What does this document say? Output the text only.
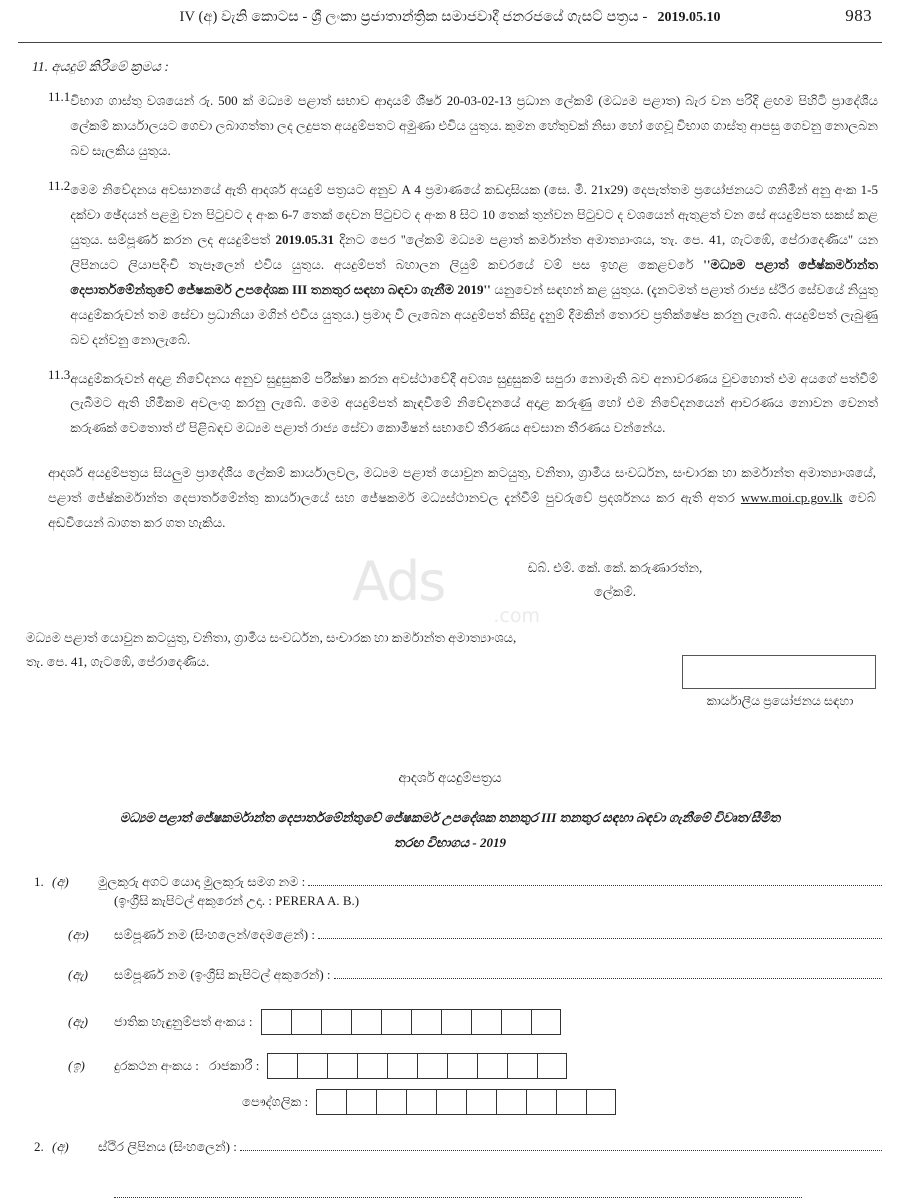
IV (අ) වැනි කොටස - ශ්‍රී ලංකා ප්‍රජාතාන්ත්‍රික සමාජවාදී ජනරජයේ ගැසට් පත්‍රය - 2019.05.10	983
11. අයදුම් කිරීමේ ක්‍රමය :
11.1 විභාග ගාස්තු වශයෙන් රු. 500 ක් මධ්‍යම පළාත් සභාව ආදායම් ශීර්ෂ 20-03-02-13 ප්‍රධාන ලේකම් (මධ්‍යම පළාත) බැර වන පරිදි ළඟම පිහිටි ප්‍රාදේශීය ලේකම් කාර්යාලයට ගෙවා ලබාගත්තා ලද ලදුපත අයදුම්පතට අමුණා එවිය යුතුය. කුමන හේතුවක් නිසා හෝ ගෙවූ විභාග ගාස්තු ආපසු ගෙවනු නොලබන බව සැලකිය යුතුය.
11.2 මෙම නිවේදනය අවසානයේ ඇති ආදර්ශ අයදුම් පත්‍රයට අනුව A 4 ප්‍රමාණයේ කඩදාසියක (සෙ. මී. 21x29) දෙපැත්තම ප්‍රයෝජනයට ගනිමින් අනු අංක 1-5 දක්වා ඡේදයන් පළමු වන පිටුවට ද අංක 6-7 තෙක් දෙවන පිටුවට ද අංක 8 සිට 10 තෙක් තුන්වන පිටුවට ද වශයෙන් ඇතුළත් වන සේ අයදුම්පත සකස් කළ යුතුය. සම්පූර්ණ කරන ලද අයදුම්පත් 2019.05.31 දිනට පෙර ''ලේකම් මධ්‍යම පළාත් කර්මාන්ත අමාත්‍යාංශය, තැ. පෙ. 41, ගැටඹේ, පේරාදෙණිය'' යන ලිපිනයට ලියාපදිංචි තැපෑලෙන් එවිය යුතුය. අයදුම්පත් බහාලන ලියුම් කවරයේ වම් පස ඉහළ කෙළවරේ ''මධ්‍යම පළාත් ජේෂ්කර්මාන්ත දෙපාර්තමේන්තුවේ ජේෂකර්ම උපදේශක III තනතුර සඳහා බඳවා ගැනීම 2019'' යනුවෙන් සඳහන් කළ යුතුය. (දැනටමත් පළාත් රාජ්‍ය ස්ථීර සේවයේ නියුතු අයදුම්කරුවන් තම සේවා ප්‍රධානියා මගින් එවිය යුතුය.) ප්‍රමාද වී ලැබෙන අයදුම්පත් කිසිදු දැනුම් දීමකින් තොරව ප්‍රතික්ෂේප කරනු ලැබේ. අයදුම්පත් ලැබුණු බව දන්වනු නොලැබේ.
11.3 අයදුම්කරුවන් අදාළ නිවේදනය අනුව සුදුසුකම් පරීක්ෂා කරන අවස්ථාවේදී අවශ්‍ය සුදුසුකම් සපුරා නොමැති බව අනාවරණය වුවහොත් එම අයගේ පත්වීම් ලැබීමට ඇති හිමිකම අවලංගු කරනු ලැබේ. මෙම අයදුම්පත් කැඳවීමේ නිවේදනයේ අදාළ කරුණු හෝ එම නිවේදනයෙන් ආවරණය නොවන වෙනත් කරුණක් වෙතොත් ඒ පිළිබඳව මධ්‍යම පළාත් රාජ්‍ය සේවා කොමිෂන් සභාවේ තීරණය අවසාන තීරණය වන්නේය.
ආදර්ශ අයදුම්පත්‍රය සියලුම ප්‍රාදේශීය ලේකම් කාර්යාලවල, මධ්‍යම පළාත් යොවුන කටයුතු, වනිතා, ග්‍රාමීය සංවර්ධන, සංචාරක හා කර්මාන්ත අමාත්‍යාංශයේ, පළාත් ජේෂ්කර්මාන්ත දෙපාර්තමේන්තු කාර්යාලයේ සහ ජේෂකර්ම මධ්‍යස්ථානවල දැන්වීම් පුවරුවේ ප්‍රදර්ශනය කර ඇති අතර www.moi.cp.gov.lk වෙබ් අඩවියෙන් බාගත කර ගත හැකිය.
ඩබ්. එම්. කේ. කේ. කරුණාරත්න,
ලේකම්.
මධ්‍යම පළාත් යොවුන කටයුතු, වනිතා, ග්‍රාමීය සංවර්ධන, සංචාරක හා කර්මාන්ත අමාත්‍යාංශය,
තැ. පෙ. 41, ගැටඹේ, පේරාදෙණිය.
කාර්යාලීය ප්‍රයෝජනය සඳහා
ආදර්ශ අයදුම්පත්‍රය
මධ්‍යම පළාත් ජේෂකර්මාන්ත දෙපාර්තමේන්තුවේ ජේෂකර්ම උපදේශක තනතුර III තනතුර සඳහා බඳවා ගැනීමේ විවෘත/සීමිත
තරඟ විභාගය - 2019
1. (අ)	මුලකුරු අගට යොදා මුලකුරු සමග නම :
(ඉංග්‍රීසි කැපිටල් අකුරෙන් උදා. : PERERA A. B.)
(ආ)	සම්පූර්ණ නම (සිංහලෙන්/දෙමළෙන්) :
(ඇ)	සම්පූර්ණ නම (ඉංග්‍රීසි කැපිටල් අකුරෙන්) :
(ඈ)	ජාතික හැඳුනුම්පත් අංකය :
(ඉ)	දුරකථන අංකය : රාජකාරී :
පෞද්ගලික :
2. (අ)	ස්ථිර ලිපිනය (සිංහලෙන්) :
Ads
.com
